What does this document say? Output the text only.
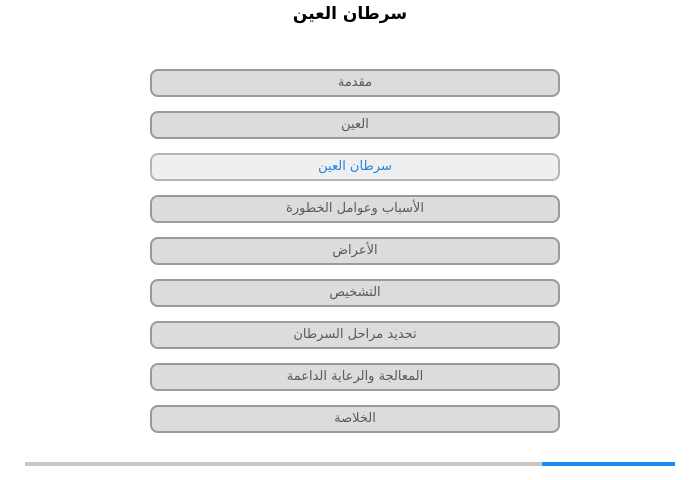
سرطان العين
مقدمة
العين
سرطان العين
الأسباب وعوامل الخطورة
الأعراض
التشخيص
تحديد مراحل السرطان
المعالجة والرعاية الداعمة
الخلاصة
